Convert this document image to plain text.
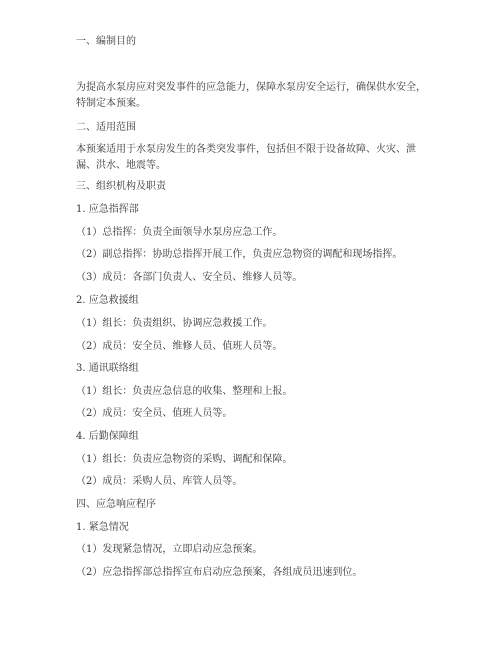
一、编制目的

为提高水泵房应对突发事件的应急能力，保障水泵房安全运行，确保供水安全，特制定本预案。

二、适用范围

本预案适用于水泵房发生的各类突发事件，包括但不限于设备故障、火灾、泄漏、洪水、地震等。

三、组织机构及职责

1. 应急指挥部

（1）总指挥：负责全面领导水泵房应急工作。

（2）副总指挥：协助总指挥开展工作，负责应急物资的调配和现场指挥。

（3）成员：各部门负责人、安全员、维修人员等。

2. 应急救援组

（1）组长：负责组织、协调应急救援工作。

（2）成员：安全员、维修人员、值班人员等。

3. 通讯联络组

（1）组长：负责应急信息的收集、整理和上报。

（2）成员：安全员、值班人员等。

4. 后勤保障组

（1）组长：负责应急物资的采购、调配和保障。

（2）成员：采购人员、库管人员等。

四、应急响应程序

1. 紧急情况

（1）发现紧急情况，立即启动应急预案。

（2）应急指挥部总指挥宣布启动应急预案，各组成员迅速到位。
